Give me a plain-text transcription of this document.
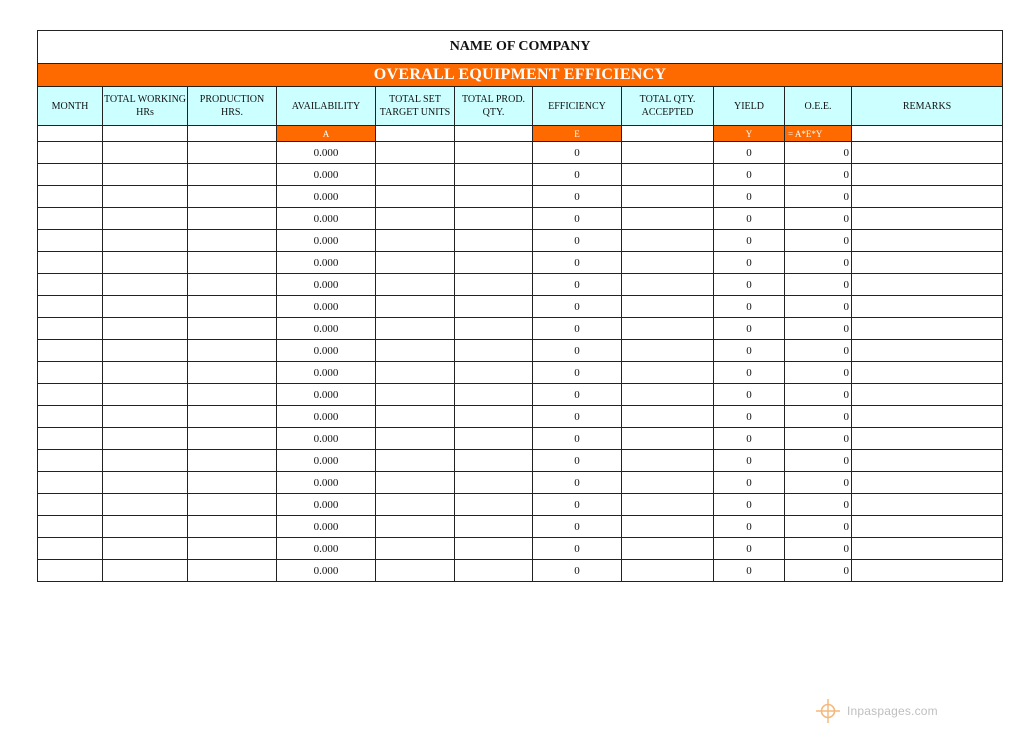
NAME OF COMPANY										
OVERALL EQUIPMENT EFFICIENCY										
MONTH	TOTAL WORKING HRs	PRODUCTION HRS.	AVAILABILITY	TOTAL SET TARGET UNITS	TOTAL PROD. QTY.	EFFICIENCY	TOTAL QTY. ACCEPTED	YIELD	O.E.E.	REMARKS
			A			E		Y	= A*E*Y	
			0.000			0		0	0	
			0.000			0		0	0	
			0.000			0		0	0	
			0.000			0		0	0	
			0.000			0		0	0	
			0.000			0		0	0	
			0.000			0		0	0	
			0.000			0		0	0	
			0.000			0		0	0	
			0.000			0		0	0	
			0.000			0		0	0	
			0.000			0		0	0	
			0.000			0		0	0	
			0.000			0		0	0	
			0.000			0		0	0	
			0.000			0		0	0	
			0.000			0		0	0	
			0.000			0		0	0	
			0.000			0		0	0	
			0.000			0		0	0	
Inpaspages.com
